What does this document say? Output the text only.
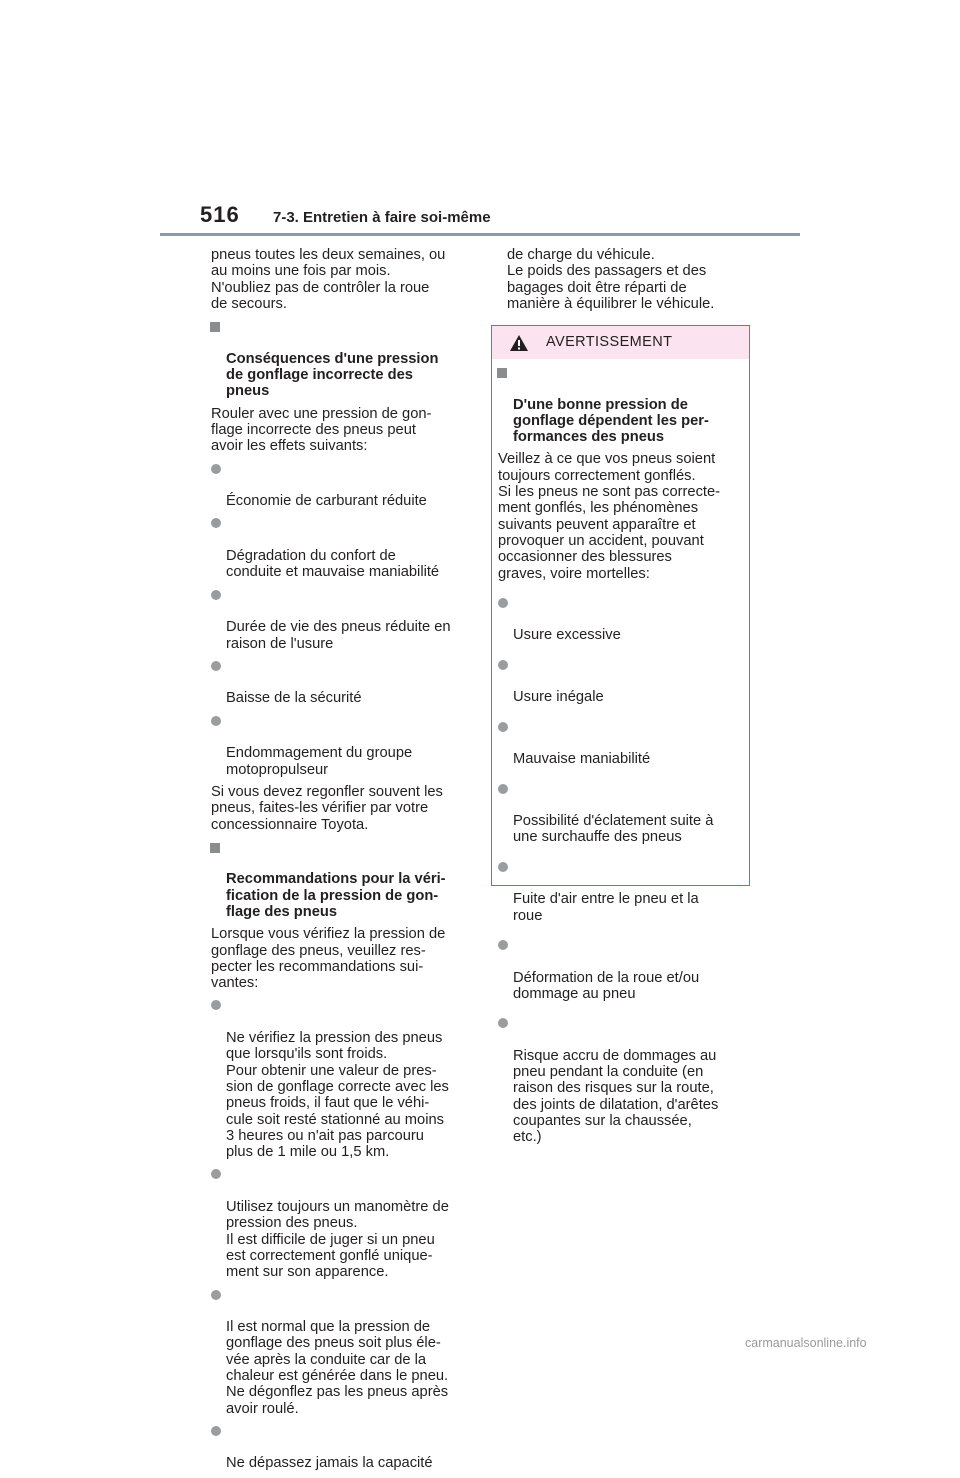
516 7-3. Entretien à faire soi-même

pneus toutes les deux semaines, ou
au moins une fois par mois.
N'oubliez pas de contrôler la roue
de secours.

Conséquences d'une pression
de gonflage incorrecte des
pneus

Rouler avec une pression de gon-
flage incorrecte des pneus peut
avoir les effets suivants:

Économie de carburant réduite

Dégradation du confort de
conduite et mauvaise maniabilité

Durée de vie des pneus réduite en
raison de l'usure

Baisse de la sécurité

Endommagement du groupe
motopropulseur

Si vous devez regonfler souvent les
pneus, faites-les vérifier par votre
concessionnaire Toyota.

Recommandations pour la véri-
fication de la pression de gon-
flage des pneus

Lorsque vous vérifiez la pression de
gonflage des pneus, veuillez res-
pecter les recommandations sui-
vantes:

Ne vérifiez la pression des pneus
que lorsqu'ils sont froids.
Pour obtenir une valeur de pres-
sion de gonflage correcte avec les
pneus froids, il faut que le véhi-
cule soit resté stationné au moins
3 heures ou n'ait pas parcouru
plus de 1 mile ou 1,5 km.

Utilisez toujours un manomètre de
pression des pneus.
Il est difficile de juger si un pneu
est correctement gonflé unique-
ment sur son apparence.

Il est normal que la pression de
gonflage des pneus soit plus éle-
vée après la conduite car de la
chaleur est générée dans le pneu.
Ne dégonflez pas les pneus après
avoir roulé.

Ne dépassez jamais la capacité

de charge du véhicule.
Le poids des passagers et des
bagages doit être réparti de
manière à équilibrer le véhicule.

AVERTISSEMENT

D'une bonne pression de
gonflage dépendent les per-
formances des pneus

Veillez à ce que vos pneus soient
toujours correctement gonflés.
Si les pneus ne sont pas correcte-
ment gonflés, les phénomènes
suivants peuvent apparaître et
provoquer un accident, pouvant
occasionner des blessures
graves, voire mortelles:

Usure excessive

Usure inégale

Mauvaise maniabilité

Possibilité d'éclatement suite à
une surchauffe des pneus

Fuite d'air entre le pneu et la
roue

Déformation de la roue et/ou
dommage au pneu

Risque accru de dommages au
pneu pendant la conduite (en
raison des risques sur la route,
des joints de dilatation, d'arêtes
coupantes sur la chaussée,
etc.)

carmanualsonline.info
